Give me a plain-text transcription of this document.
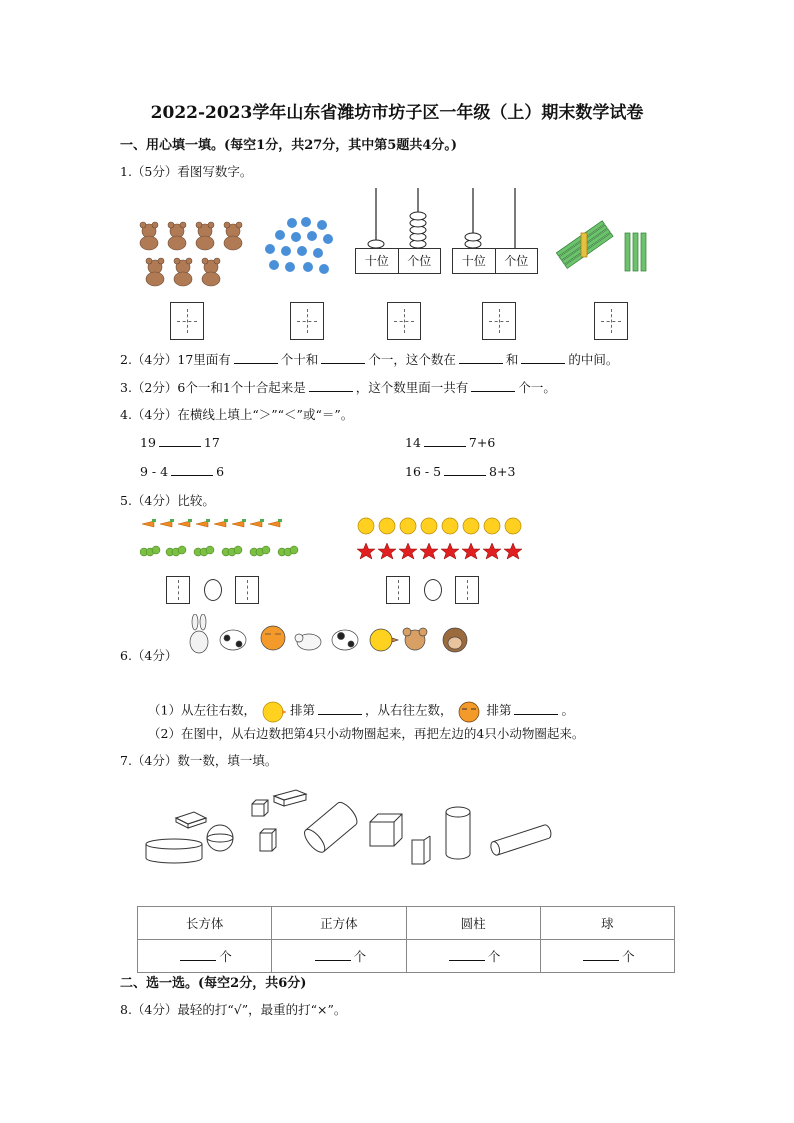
2022-2023学年山东省潍坊市坊子区一年级（上）期末数学试卷
一、用心填一填。(每空1分，共27分，其中第5题共4分。)
1.（5分）看图写数字。
十位	个位	十位	个位
2.（4分）17里面有	个十和	个一，这个数在	和	的中间。
3.（2分）6个一和1个十合起来是	，这个数里面一共有	个一。
4.（4分）在横线上填上“＞”“＜”或“＝”。
19	17	14	7+6
9 - 4	6	16 - 5	8+3
5.（4分）比较。
6.（4分）
（1）从左往右数，	排第	，从右往左数，	排第	。
（2）在图中，从右边数把第4只小动物圈起来，再把左边的4只小动物圈起来。
7.（4分）数一数，填一填。
长方体	正方体	圆柱	球
个	个	个	个
二、选一选。(每空2分，共6分)
8.（4分）最轻的打“√”，最重的打“×”。
